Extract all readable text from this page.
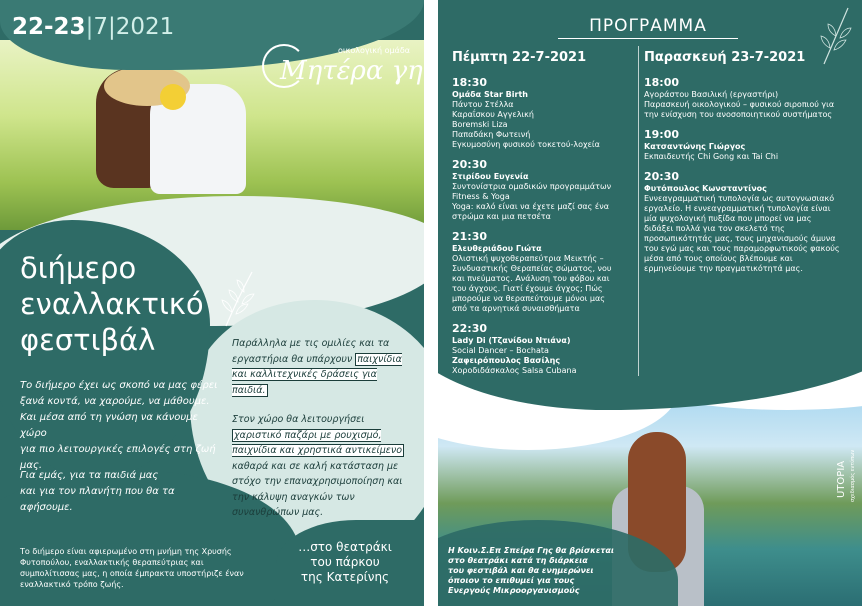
22-23|7|2021
οικολογική ομάδα
Μητέρα γη
διήμερο
εναλλακτικό
φεστιβάλ
Το διήμερο έχει ως σκοπό να μας φέρει
ξανά κοντά, να χαρούμε, να μάθουμε.
Και μέσα από τη γνώση να κάνουμε χώρο
για πιο λειτουργικές επιλογές στη ζωή μας.
Για εμάς, για τα παιδιά μας
και για τον πλανήτη που θα τα αφήσουμε.
Παράλληλα με τις ομιλίες και τα εργαστήρια θα υπάρχουν παιχνίδια και καλλιτεχνικές δράσεις για παιδιά.
Στον χώρο θα λειτουργήσει χαριστικό παζάρι με ρουχισμό, παιχνίδια και χρηστικά αντικείμενο καθαρά και σε καλή κατάσταση με στόχο την επαναχρησιμοποίηση και την κάλυψη αναγκών των συνανθρώπων μας.
Το διήμερο είναι αφιερωμένο στη μνήμη της Χρυσής Φυτοπούλου, εναλλακτικής θεραπεύτριας και συμπολίτισσας μας, η οποία έμπρακτα υποστήριζε έναν εναλλακτικό τρόπο ζωής.
…στο θεατράκι
του πάρκου
της Κατερίνης
ΠΡΟΓΡΑΜΜΑ
Πέμπτη 22-7-2021	Παρασκευή 23-7-2021
18:30
Ομάδα Star Birth
Πάντου Στέλλα
Καραΐσκου Αγγελική
Boremski Liza
Παπαδάκη Φωτεινή
Εγκυμοσύνη φυσικού τοκετού-λοχεία
20:30
Στιρίδου Ευγενία
Συντονίστρια ομαδικών προγραμμάτων
Fitness & Yoga
Yoga: καλό είναι να έχετε μαζί σας ένα
στρώμα και μια πετσέτα
21:30
Ελευθεριάδου Γιώτα
Ολιστική ψυχοθεραπεύτρια Μεικτής –
Συνδυαστικής Θεραπείας σώματος, νου
και πνεύματος. Ανάλυση του φόβου και
του άγχους. Γιατί έχουμε άγχος; Πώς
μπορούμε να θεραπεύτουμε μόνοι μας
από τα αρνητικά συναισθήματα
22:30
Lady Di (Τζανίδου Ντιάνα)
Social Dancer – Bochata
Ζαφειρόπουλος Βασίλης
Χοροδιδάσκαλος Salsa Cubana
18:00
Αγοράστου Βασιλική (εργαστήρι)
Παρασκευή οικολογικού – φυσικού σιροπιού για
την ενίσχυση του ανοσοποιητικού συστήματος
19:00
Κατσαντώνης Γιώργος
Εκπαιδευτής Chi Gong και Tai Chi
20:30
Φυτόπουλος Κωνσταντίνος
Εννεαγραμματική τυπολογία ως αυτογνωσιακό
εργαλείο. Η εννεαγραμματική τυπολογία είναι
μία ψυχολογική πυξίδα που μπορεί να μας
διδάξει πολλά για τον σκελετό της
προσωπικότητάς μας, τους μηχανισμούς άμυνα
του εγώ μας και τους παραμορφωτικούς φακούς
μέσα από τους οποίους βλέπουμε και
ερμηνεύουμε την πραγματικότητά μας.
Η Κοιν.Σ.Επ Σπείρα Γης θα βρίσκεται
στο θεατράκι κατά τη διάρκεια
του φεστιβάλ και θα ενημερώνει
όποιον το επιθυμεί για τους
Ενεργούς Μικροοργανισμούς
UTOPIA σχεδιασμός εντύπων
